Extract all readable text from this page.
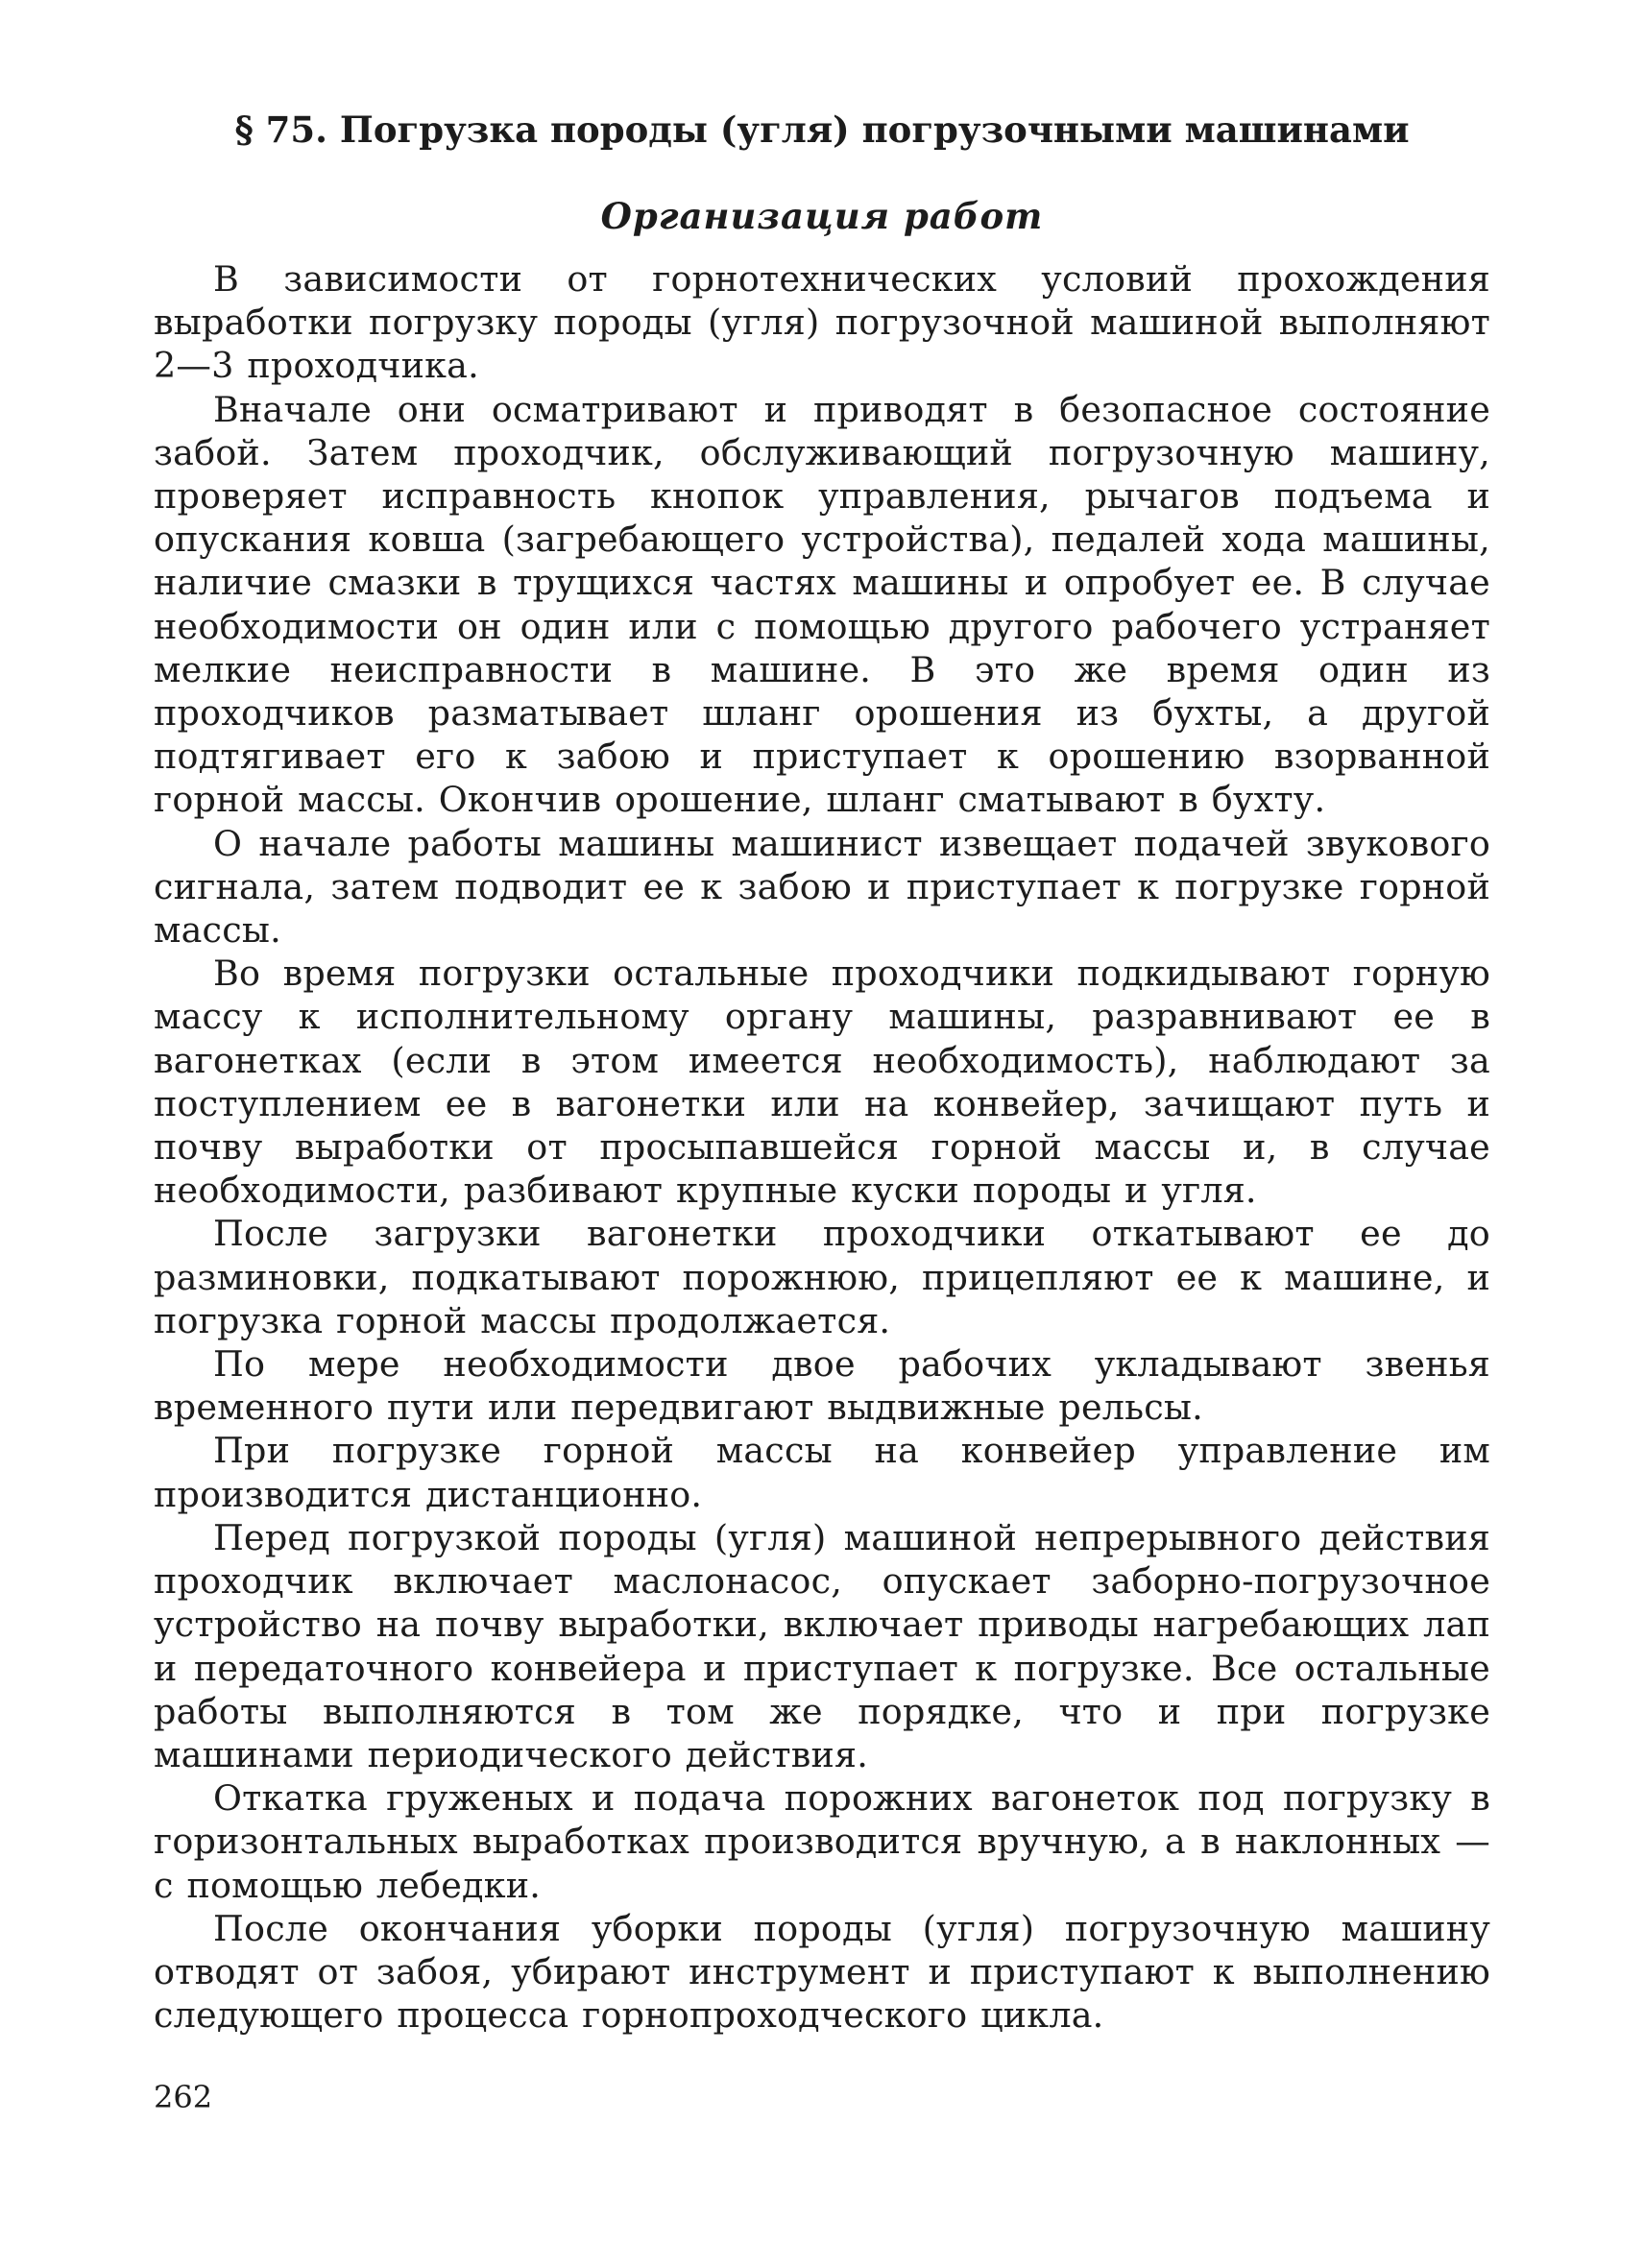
§ 75. Погрузка породы (угля) погрузочными машинами
Организация работ

В зависимости от горнотехнических условий прохождения выработки погрузку породы (угля) погрузочной машиной выполняют 2—3 проходчика.

Вначале они осматривают и приводят в безопасное состояние забой. Затем проходчик, обслуживающий погрузочную машину, проверяет исправность кнопок управления, рычагов подъема и опускания ковша (загребающего устройства), педалей хода машины, наличие смазки в трущихся частях машины и опробует ее. В случае необходимости он один или с помощью другого рабочего устраняет мелкие неисправности в машине. В это же время один из проходчиков разматывает шланг орошения из бухты, а другой подтягивает его к забою и приступает к орошению взорванной горной массы. Окончив орошение, шланг сматывают в бухту.

О начале работы машины машинист извещает подачей звукового сигнала, затем подводит ее к забою и приступает к погрузке горной массы.

Во время погрузки остальные проходчики подкидывают горную массу к исполнительному органу машины, разравнивают ее в вагонетках (если в этом имеется необходимость), наблюдают за поступлением ее в вагонетки или на конвейер, зачищают путь и почву выработки от просыпавшейся горной массы и, в случае необходимости, разбивают крупные куски породы и угля.

После загрузки вагонетки проходчики откатывают ее до разминовки, подкатывают порожнюю, прицепляют ее к машине, и погрузка горной массы продолжается.

По мере необходимости двое рабочих укладывают звенья временного пути или передвигают выдвижные рельсы.

При погрузке горной массы на конвейер управление им производится дистанционно.

Перед погрузкой породы (угля) машиной непрерывного действия проходчик включает маслонасос, опускает заборно-погрузочное устройство на почву выработки, включает приводы нагребающих лап и передаточного конвейера и приступает к погрузке. Все остальные работы выполняются в том же порядке, что и при погрузке машинами периодического действия.

Откатка груженых и подача порожних вагонеток под погрузку в горизонтальных выработках производится вручную, а в наклонных — с помощью лебедки.

После окончания уборки породы (угля) погрузочную машину отводят от забоя, убирают инструмент и приступают к выполнению следующего процесса горнопроходческого цикла.

262
